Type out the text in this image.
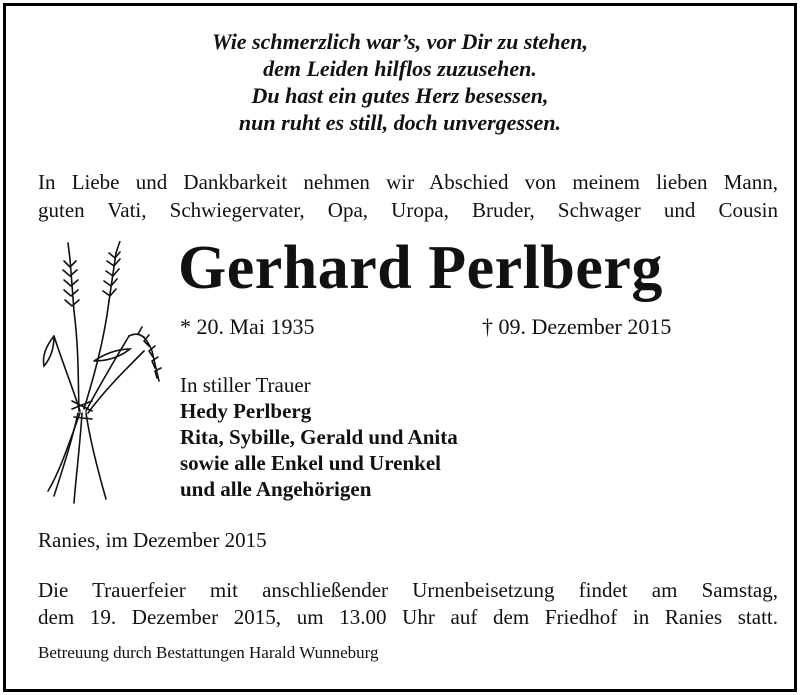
Wie schmerzlich war’s, vor Dir zu stehen,
dem Leiden hilflos zuzusehen.
Du hast ein gutes Herz besessen,
nun ruht es still, doch unvergessen.
In Liebe und Dankbarkeit nehmen wir Abschied von meinem lieben Mann,
guten Vati, Schwiegervater, Opa, Uropa, Bruder, Schwager und Cousin
Gerhard Perlberg
* 20. Mai 1935	† 09. Dezember 2015
In stiller Trauer
Hedy Perlberg
Rita, Sybille, Gerald und Anita
sowie alle Enkel und Urenkel
und alle Angehörigen
Ranies, im Dezember 2015
Die Trauerfeier mit anschließender Urnenbeisetzung findet am Samstag,
dem 19. Dezember 2015, um 13.00 Uhr auf dem Friedhof in Ranies statt.
Betreuung durch Bestattungen Harald Wunneburg
